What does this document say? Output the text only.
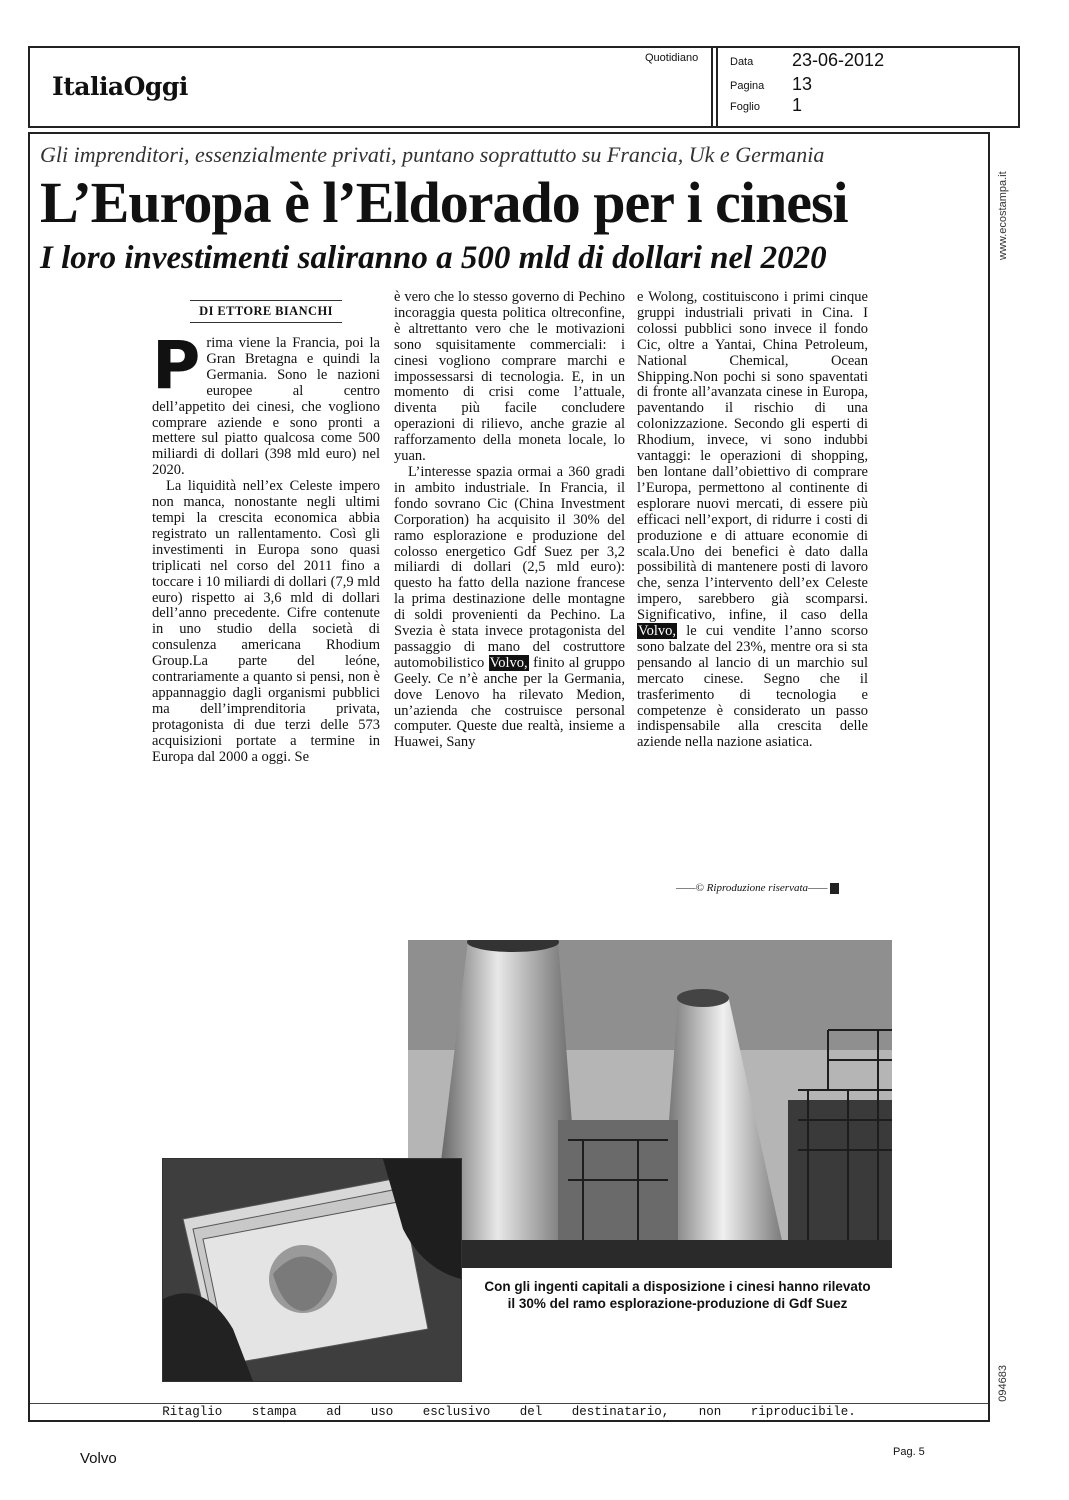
ItaliaOggi
Quotidiano	Data 23-06-2012
Pagina 13
Foglio 1
www.ecostampa.it
094683
Gli imprenditori, essenzialmente privati, puntano soprattutto su Francia, Uk e Germania
L’Europa è l’Eldorado per i cinesi
I loro investimenti saliranno a 500 mld di dollari nel 2020
DI ETTORE BIANCHI

Prima viene la Francia, poi la Gran Bretagna e quindi la Germania. Sono le nazioni europee al centro dell’appetito dei cinesi, che vogliono comprare aziende e sono pronti a mettere sul piatto qualcosa come 500 miliardi di dollari (398 mld euro) nel 2020.

La liquidità nell’ex Celeste impero non manca, nonostante negli ultimi tempi la crescita economica abbia registrato un rallentamento. Così gli investimenti in Europa sono quasi triplicati nel corso del 2011 fino a toccare i 10 miliardi di dollari (7,9 mld euro) rispetto ai 3,6 mld di dollari dell’anno precedente. Cifre contenute in uno studio della società di consulenza americana Rhodium Group.La parte del leóne, contrariamente a quanto si pensi, non è appannaggio dagli organismi pubblici ma dell’imprenditoria privata, protagonista di due terzi delle 573 acquisizioni portate a termine in Europa dal 2000 a oggi. Se

è vero che lo stesso governo di Pechino incoraggia questa politica oltreconfine, è altrettanto vero che le motivazioni sono squisitamente commerciali: i cinesi vogliono comprare marchi e impossessarsi di tecnologia. E, in un momento di crisi come l’attuale, diventa più facile concludere operazioni di rilievo, anche grazie al rafforzamento della moneta locale, lo yuan.

L’interesse spazia ormai a 360 gradi in ambito industriale. In Francia, il fondo sovrano Cic (China Investment Corporation) ha acquisito il 30% del ramo esplorazione e produzione del colosso energetico Gdf Suez per 3,2 miliardi di dollari (2,5 mld euro): questo ha fatto della nazione francese la prima destinazione delle montagne di soldi provenienti da Pechino. La Svezia è stata invece protagonista del passaggio di mano del costruttore automobilistico Volvo, finito al gruppo Geely. Ce n’è anche per la Germania, dove Lenovo ha rilevato Medion, un’azienda che costruisce personal computer. Queste due realtà, insieme a Huawei, Sany

e Wolong, costituiscono i primi cinque gruppi industriali privati in Cina. I colossi pubblici sono invece il fondo Cic, oltre a Yantai, China Petroleum, National Chemical, Ocean Shipping.Non pochi si sono spaventati di fronte all’avanzata cinese in Europa, paventando il rischio di una colonizzazione. Secondo gli esperti di Rhodium, invece, vi sono indubbi vantaggi: le operazioni di shopping, ben lontane dall’obiettivo di comprare l’Europa, permettono al continente di esplorare nuovi mercati, di essere più efficaci nell’export, di ridurre i costi di produzione e di attuare economie di scala.Uno dei benefici è dato dalla possibilità di mantenere posti di lavoro che, senza l’intervento dell’ex Celeste impero, sarebbero già scomparsi. Significativo, infine, il caso della Volvo, le cui vendite l’anno scorso sono balzate del 23%, mentre ora si sta pensando al lancio di un marchio sul mercato cinese. Segno che il trasferimento di tecnologia e competenze è considerato un passo indispensabile alla crescita delle aziende nella nazione asiatica.

——© Riproduzione riservata——
Con gli ingenti capitali a disposizione i cinesi hanno rilevato il 30% del ramo esplorazione-produzione di Gdf Suez
Ritaglio stampa ad uso esclusivo del destinatario, non riproducibile.
Volvo	Pag. 5
